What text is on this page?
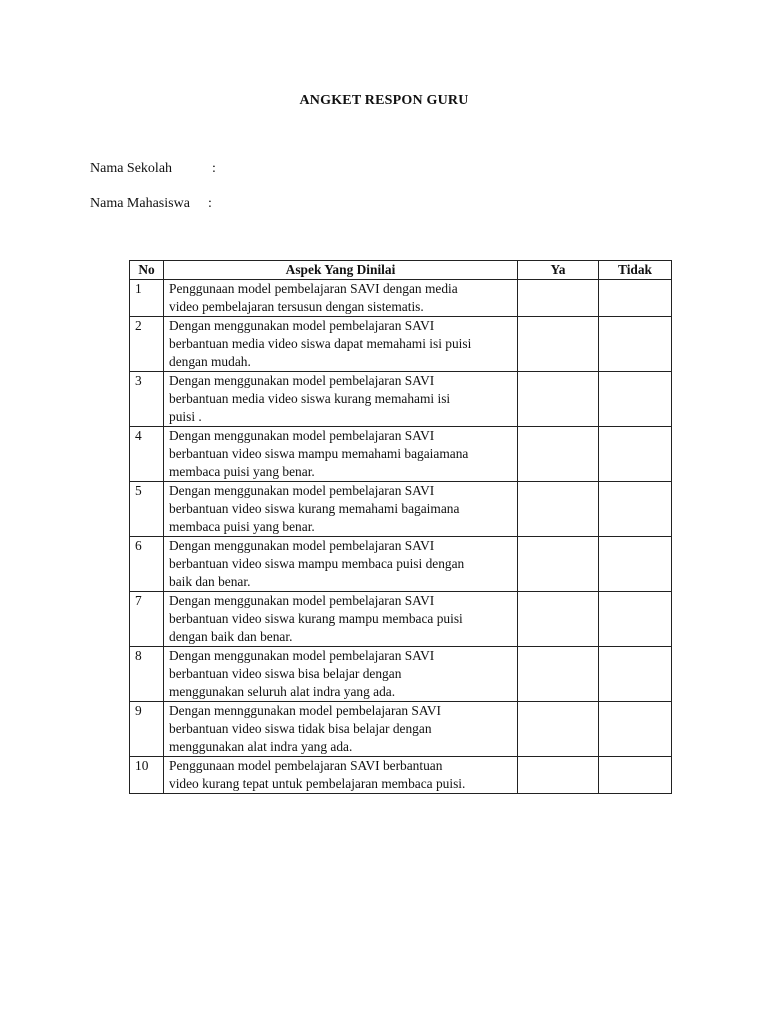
ANGKET RESPON GURU
Nama Sekolah	:
Nama Mahasiswa :
No	Aspek Yang Dinilai	Ya	Tidak
1	Penggunaan model pembelajaran SAVI dengan media
video pembelajaran tersusun dengan sistematis.		

2	Dengan menggunakan model pembelajaran SAVI
berbantuan media video siswa dapat memahami isi puisi
dengan mudah.		

3	Dengan menggunakan model pembelajaran SAVI
berbantuan media video siswa kurang memahami isi
puisi .		

4	Dengan menggunakan model pembelajaran SAVI
berbantuan video siswa mampu memahami bagaiamana
membaca puisi yang benar.		

5	Dengan menggunakan model pembelajaran SAVI
berbantuan video siswa kurang memahami bagaimana
membaca puisi yang benar.		

6	Dengan menggunakan model pembelajaran SAVI
berbantuan video siswa mampu membaca puisi dengan
baik dan benar.		

7	Dengan menggunakan model pembelajaran SAVI
berbantuan video siswa kurang mampu membaca puisi
dengan baik dan benar.		

8	Dengan menggunakan model pembelajaran SAVI
berbantuan video siswa bisa belajar dengan
menggunakan seluruh alat indra yang ada.		

9	Dengan mennggunakan model pembelajaran SAVI
berbantuan video siswa tidak bisa belajar dengan
menggunakan alat indra yang ada.		

10	Penggunaan model pembelajaran SAVI berbantuan
video kurang tepat untuk pembelajaran membaca puisi.		
